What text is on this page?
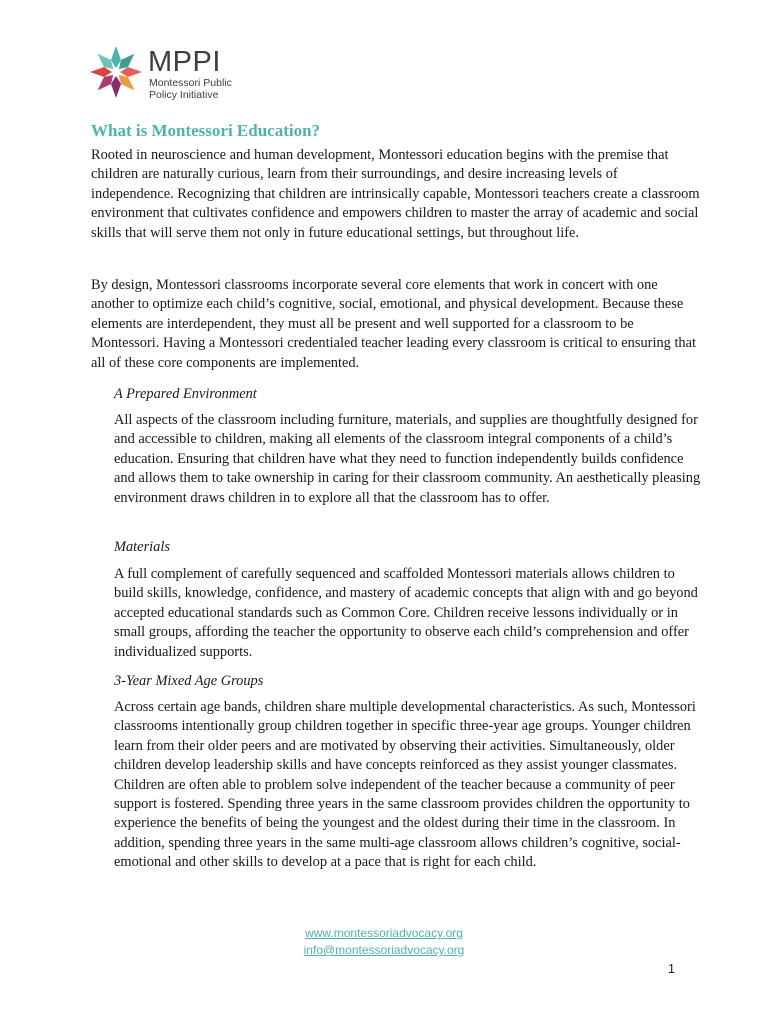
MPPI
Montessori Public
Policy Initiative
What is Montessori Education?

Rooted in neuroscience and human development, Montessori education begins with the premise that children are naturally curious, learn from their surroundings, and desire increasing levels of independence. Recognizing that children are intrinsically capable, Montessori teachers create a classroom environment that cultivates confidence and empowers children to master the array of academic and social skills that will serve them not only in future educational settings, but throughout life.

By design, Montessori classrooms incorporate several core elements that work in concert with one another to optimize each child’s cognitive, social, emotional, and physical development. Because these elements are interdependent, they must all be present and well supported for a classroom to be Montessori. Having a Montessori credentialed teacher leading every classroom is critical to ensuring that all of these core components are implemented.

A Prepared Environment

All aspects of the classroom including furniture, materials, and supplies are thoughtfully designed for and accessible to children, making all elements of the classroom integral components of a child’s education. Ensuring that children have what they need to function independently builds confidence and allows them to take ownership in caring for their classroom community. An aesthetically pleasing environment draws children in to explore all that the classroom has to offer.

Materials

A full complement of carefully sequenced and scaffolded Montessori materials allows children to build skills, knowledge, confidence, and mastery of academic concepts that align with and go beyond accepted educational standards such as Common Core. Children receive lessons individually or in small groups, affording the teacher the opportunity to observe each child’s comprehension and offer individualized supports.

3-Year Mixed Age Groups

Across certain age bands, children share multiple developmental characteristics. As such, Montessori classrooms intentionally group children together in specific three-year age groups. Younger children learn from their older peers and are motivated by observing their activities. Simultaneously, older children develop leadership skills and have concepts reinforced as they assist younger classmates. Children are often able to problem solve independent of the teacher because a community of peer support is fostered. Spending three years in the same classroom provides children the opportunity to experience the benefits of being the youngest and the oldest during their time in the classroom. In addition, spending three years in the same multi-age classroom allows children’s cognitive, social-emotional and other skills to develop at a pace that is right for each child.

www.montessoriadvocacy.org
info@montessoriadvocacy.org
1
